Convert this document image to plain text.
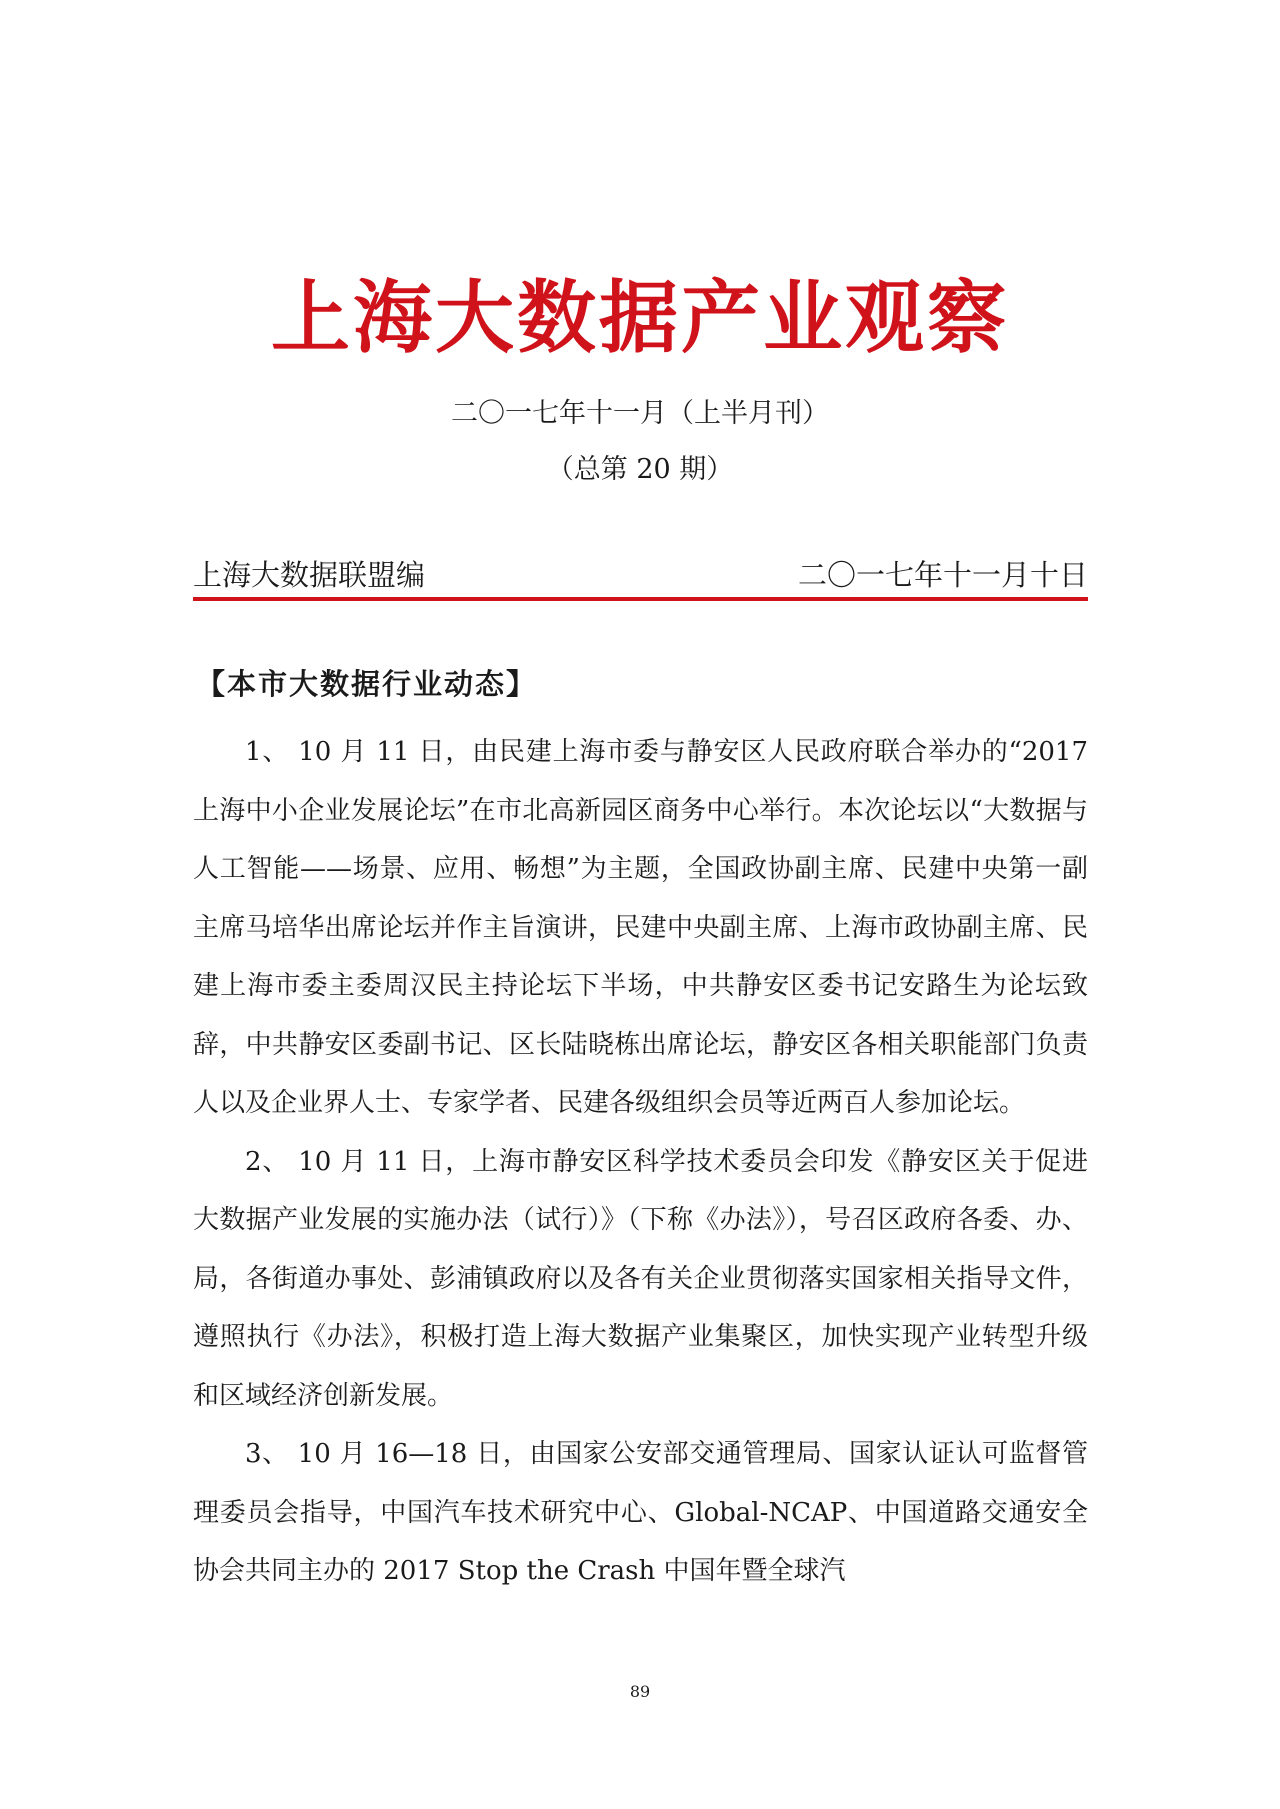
上海大数据产业观察
二〇一七年十一月（上半月刊）
（总第 20 期）
上海大数据联盟编	二〇一七年十一月十日
【本市大数据行业动态】

1、 10 月 11 日，由民建上海市委与静安区人民政府联合举办的“2017 上海中小企业发展论坛”在市北高新园区商务中心举行。本次论坛以“大数据与人工智能——场景、应用、畅想”为主题，全国政协副主席、民建中央第一副主席马培华出席论坛并作主旨演讲，民建中央副主席、上海市政协副主席、民建上海市委主委周汉民主持论坛下半场，中共静安区委书记安路生为论坛致辞，中共静安区委副书记、区长陆晓栋出席论坛，静安区各相关职能部门负责人以及企业界人士、专家学者、民建各级组织会员等近两百人参加论坛。

2、 10 月 11 日，上海市静安区科学技术委员会印发《静安区关于促进大数据产业发展的实施办法（试行）》（下称《办法》），号召区政府各委、办、局，各街道办事处、彭浦镇政府以及各有关企业贯彻落实国家相关指导文件， 遵照执行《办法》，积极打造上海大数据产业集聚区，加快实现产业转型升级和区域经济创新发展。

3、 10 月 16—18 日，由国家公安部交通管理局、国家认证认可监督管理委员会指导，中国汽车技术研究中心、Global-NCAP、中国道路交通安全协会共同主办的 2017 Stop the Crash 中国年暨全球汽

89
